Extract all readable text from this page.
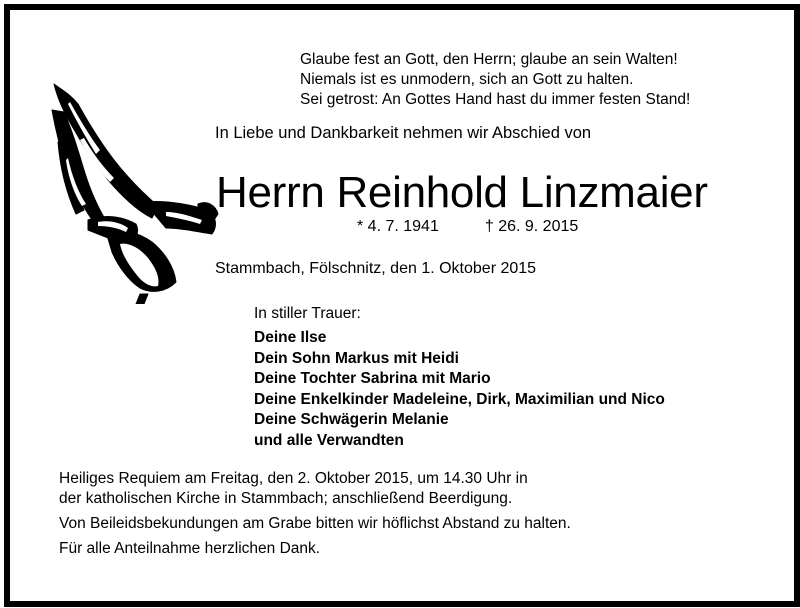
Glaube fest an Gott, den Herrn; glaube an sein Walten!
Niemals ist es unmodern, sich an Gott zu halten.
Sei getrost: An Gottes Hand hast du immer festen Stand!
In Liebe und Dankbarkeit nehmen wir Abschied von
Herrn Reinhold Linzmaier
* 4. 7. 1941	† 26. 9. 2015
Stammbach, Fölschnitz, den 1. Oktober 2015
In stiller Trauer:
Deine Ilse
Dein Sohn Markus mit Heidi
Deine Tochter Sabrina mit Mario
Deine Enkelkinder Madeleine, Dirk, Maximilian und Nico
Deine Schwägerin Melanie
und alle Verwandten
Heiliges Requiem am Freitag, den 2. Oktober 2015, um 14.30 Uhr in
der katholischen Kirche in Stammbach; anschließend Beerdigung.
Von Beileidsbekundungen am Grabe bitten wir höflichst Abstand zu halten.
Für alle Anteilnahme herzlichen Dank.
